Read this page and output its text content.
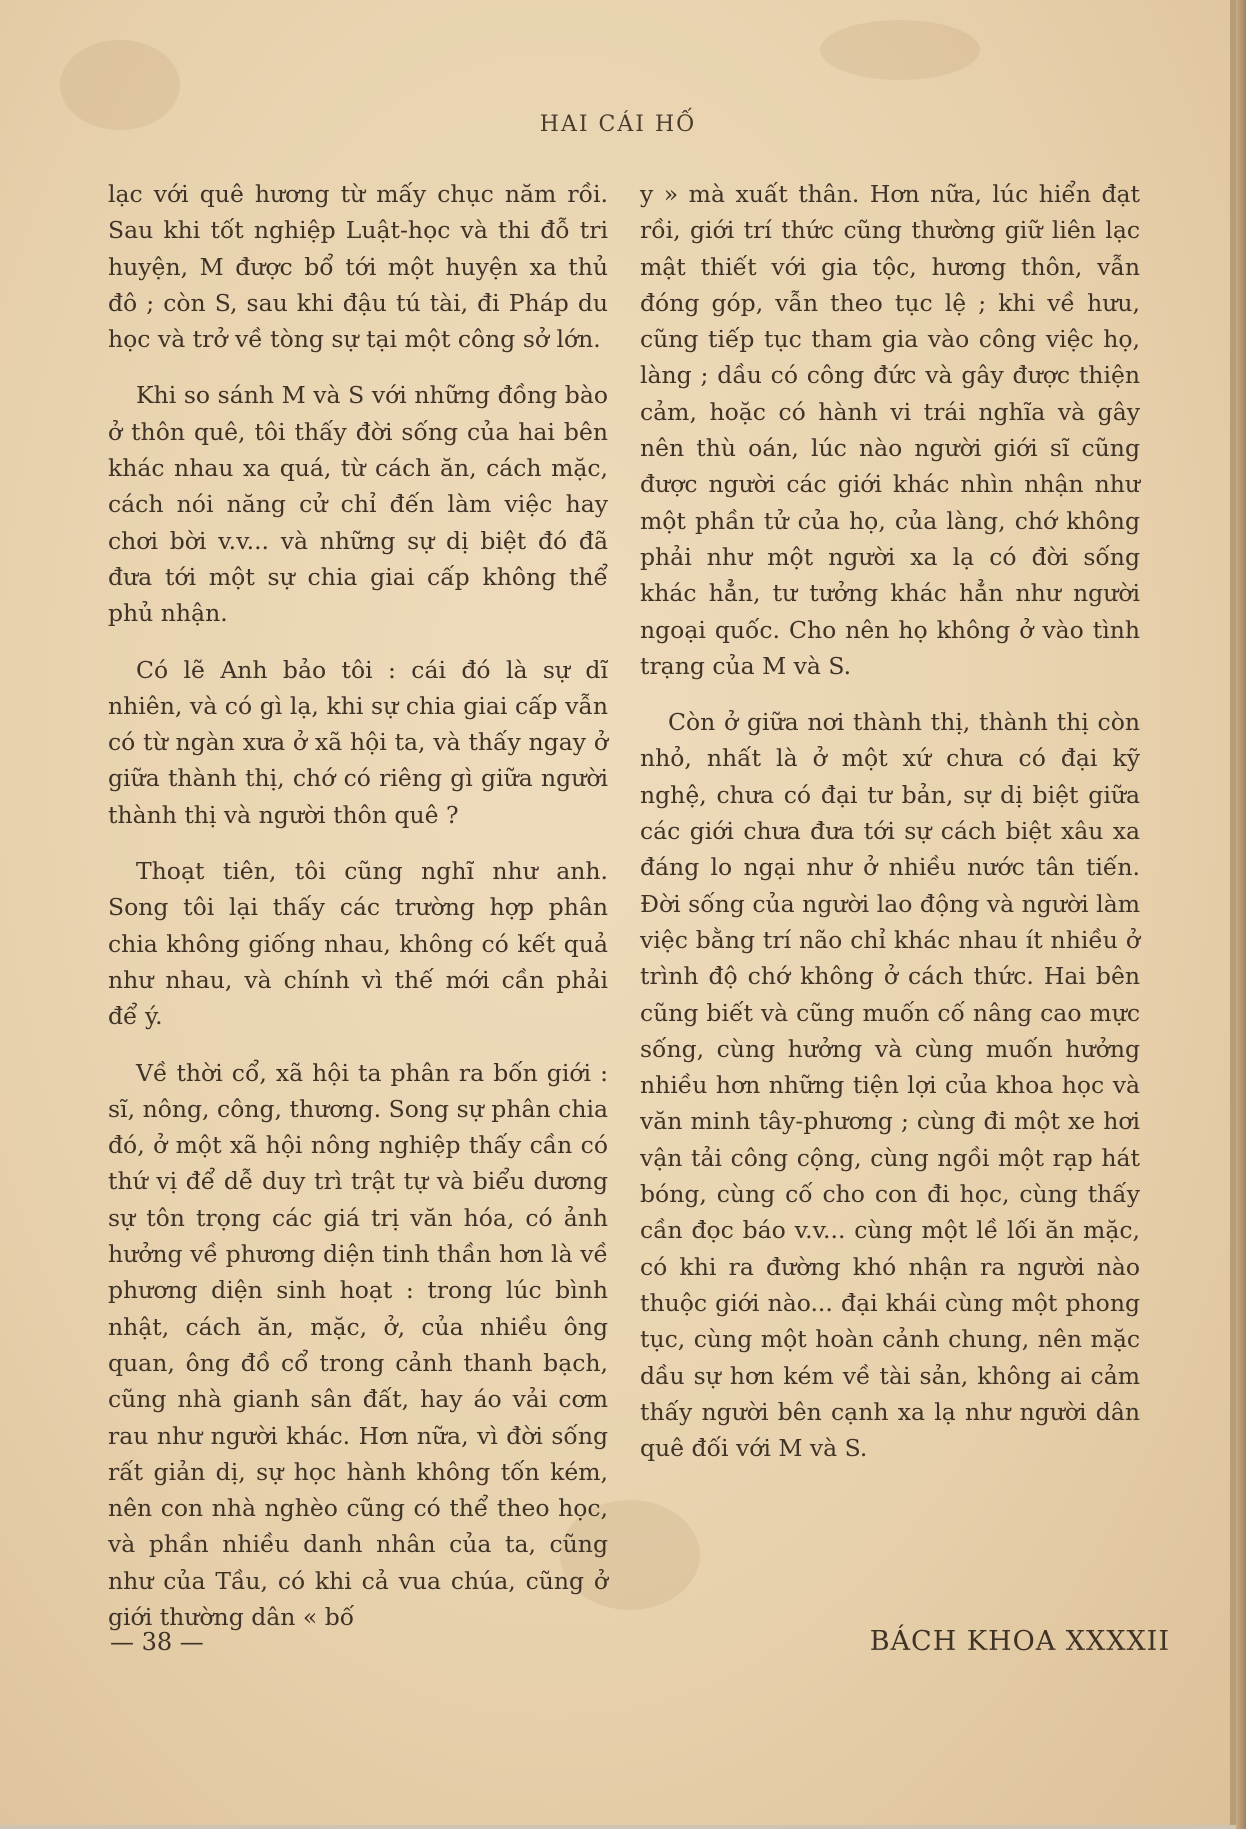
HAI CÁI HỐ

lạc với quê hương từ mấy chục năm rồi. Sau khi tốt nghiệp Luật-học và thi đỗ tri huyện, M được bổ tới một huyện xa thủ đô ; còn S, sau khi đậu tú tài, đi Pháp du học và trở về tòng sự tại một công sở lớn.

Khi so sánh M và S với những đồng bào ở thôn quê, tôi thấy đời sống của hai bên khác nhau xa quá, từ cách ăn, cách mặc, cách nói năng cử chỉ đến làm việc hay chơi bời v.v... và những sự dị biệt đó đã đưa tới một sự chia giai cấp không thể phủ nhận.

Có lẽ Anh bảo tôi : cái đó là sự dĩ nhiên, và có gì lạ, khi sự chia giai cấp vẫn có từ ngàn xưa ở xã hội ta, và thấy ngay ở giữa thành thị, chớ có riêng gì giữa người thành thị và người thôn quê ?

Thoạt tiên, tôi cũng nghĩ như anh. Song tôi lại thấy các trường hợp phân chia không giống nhau, không có kết quả như nhau, và chính vì thế mới cần phải để ý.

Về thời cổ, xã hội ta phân ra bốn giới : sĩ, nông, công, thương. Song sự phân chia đó, ở một xã hội nông nghiệp thấy cần có thứ vị để dễ duy trì trật tự và biểu dương sự tôn trọng các giá trị văn hóa, có ảnh hưởng về phương diện tinh thần hơn là về phương diện sinh hoạt : trong lúc bình nhật, cách ăn, mặc, ở, của nhiều ông quan, ông đồ cổ trong cảnh thanh bạch, cũng nhà gianh sân đất, hay áo vải cơm rau như người khác. Hơn nữa, vì đời sống rất giản dị, sự học hành không tốn kém, nên con nhà nghèo cũng có thể theo học, và phần nhiều danh nhân của ta, cũng như của Tầu, có khi cả vua chúa, cũng ở giới thường dân « bố

y » mà xuất thân. Hơn nữa, lúc hiển đạt rồi, giới trí thức cũng thường giữ liên lạc mật thiết với gia tộc, hương thôn, vẫn đóng góp, vẫn theo tục lệ ; khi về hưu, cũng tiếp tục tham gia vào công việc họ, làng ; dầu có công đức và gây được thiện cảm, hoặc có hành vi trái nghĩa và gây nên thù oán, lúc nào người giới sĩ cũng được người các giới khác nhìn nhận như một phần tử của họ, của làng, chớ không phải như một người xa lạ có đời sống khác hẳn, tư tưởng khác hẳn như người ngoại quốc. Cho nên họ không ở vào tình trạng của M và S.

Còn ở giữa nơi thành thị, thành thị còn nhỏ, nhất là ở một xứ chưa có đại kỹ nghệ, chưa có đại tư bản, sự dị biệt giữa các giới chưa đưa tới sự cách biệt xâu xa đáng lo ngại như ở nhiều nước tân tiến. Đời sống của người lao động và người làm việc bằng trí não chỉ khác nhau ít nhiều ở trình độ chớ không ở cách thức. Hai bên cũng biết và cũng muốn cố nâng cao mực sống, cùng hưởng và cùng muốn hưởng nhiều hơn những tiện lợi của khoa học và văn minh tây-phương ; cùng đi một xe hơi vận tải công cộng, cùng ngồi một rạp hát bóng, cùng cố cho con đi học, cùng thấy cần đọc báo v.v... cùng một lề lối ăn mặc, có khi ra đường khó nhận ra người nào thuộc giới nào... đại khái cùng một phong tục, cùng một hoàn cảnh chung, nên mặc dầu sự hơn kém về tài sản, không ai cảm thấy người bên cạnh xa lạ như người dân quê đối với M và S.

— 38 —	BÁCH KHOA XXXXII
